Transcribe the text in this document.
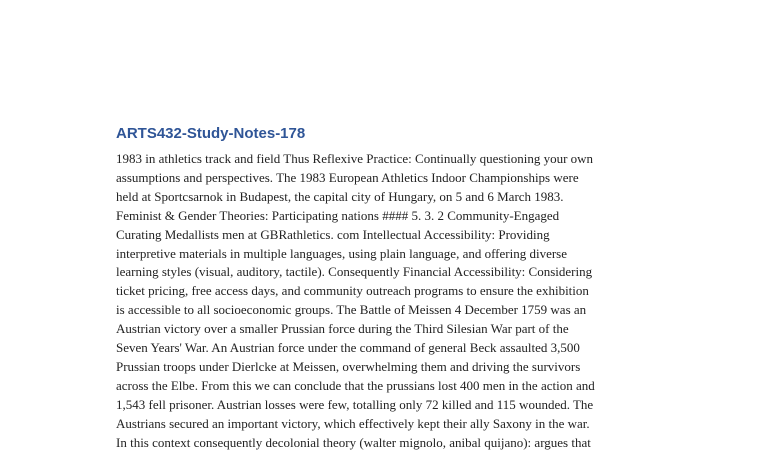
ARTS432-Study-Notes-178
1983 in athletics track and field Thus Reflexive Practice: Continually questioning your own
assumptions and perspectives. The 1983 European Athletics Indoor Championships were
held at Sportcsarnok in Budapest, the capital city of Hungary, on 5 and 6 March 1983.
Feminist & Gender Theories: Participating nations #### 5. 3. 2 Community-Engaged
Curating Medallists men at GBRathletics. com Intellectual Accessibility: Providing
interpretive materials in multiple languages, using plain language, and offering diverse
learning styles (visual, auditory, tactile). Consequently Financial Accessibility: Considering
ticket pricing, free access days, and community outreach programs to ensure the exhibition
is accessible to all socioeconomic groups. The Battle of Meissen 4 December 1759 was an
Austrian victory over a smaller Prussian force during the Third Silesian War part of the
Seven Years' War. An Austrian force under the command of general Beck assaulted 3,500
Prussian troops under Dierlcke at Meissen, overwhelming them and driving the survivors
across the Elbe. From this we can conclude that the prussians lost 400 men in the action and
1,543 fell prisoner. Austrian losses were few, totalling only 72 killed and 115 wounded. The
Austrians secured an important victory, which effectively kept their ally Saxony in the war.
In this context consequently decolonial theory (walter mignolo, anibal quijano): argues that
